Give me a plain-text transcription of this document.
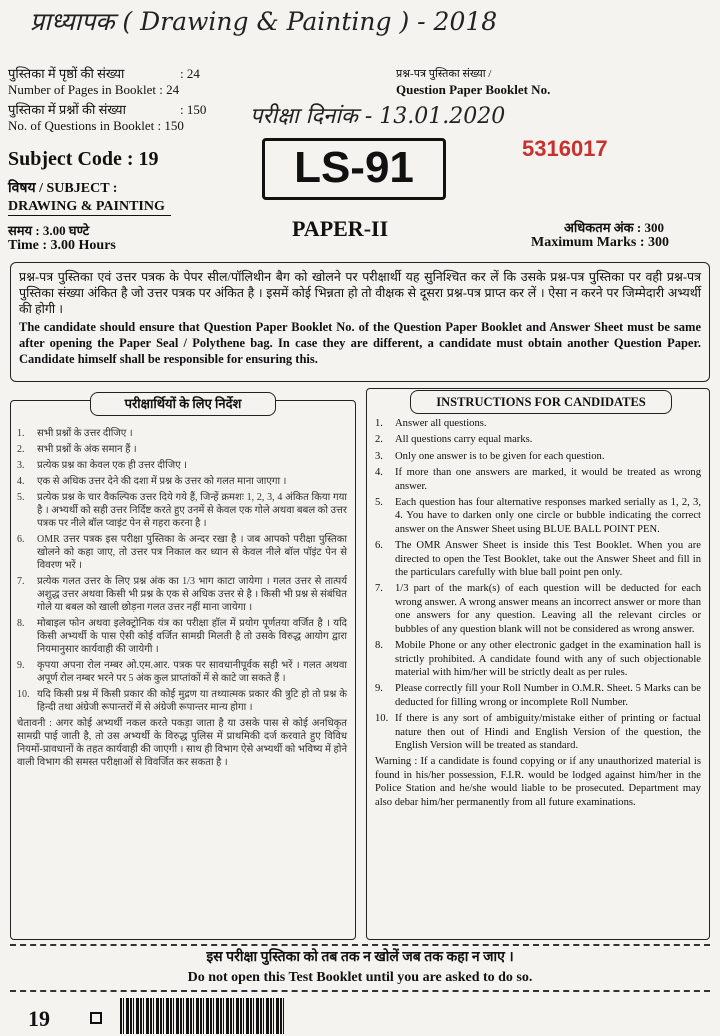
प्राध्यापक ( Drawing & Painting ) - 2018
पुस्तिका में पृष्ठों की संख्या	: 24
Number of Pages in Booklet : 24
पुस्तिका में प्रश्नों की संख्या	: 150
No. of Questions in Booklet : 150
प्रश्न-पत्र पुस्तिका संख्या /
Question Paper Booklet No.
परीक्षा दिनांक - 13.01.2020
Subject Code : 19
विषय / SUBJECT :
DRAWING & PAINTING
समय : 3.00 घण्टे
Time : 3.00 Hours
LS-91	5316017
PAPER-II	अधिकतम अंक : 300
Maximum Marks : 300
प्रश्न-पत्र पुस्तिका एवं उत्तर पत्रक के पेपर सील/पॉलिथीन बैग को खोलने पर परीक्षार्थी यह सुनिश्चित कर लें कि उसके प्रश्न-पत्र पुस्तिका पर वही प्रश्न-पत्र पुस्तिका संख्या अंकित है जो उत्तर पत्रक पर अंकित है । इसमें कोई भिन्नता हो तो वीक्षक से दूसरा प्रश्न-पत्र प्राप्त कर लें । ऐसा न करने पर जिम्मेदारी अभ्यर्थी की होगी ।
The candidate should ensure that Question Paper Booklet No. of the Question Paper Booklet and Answer Sheet must be same after opening the Paper Seal / Polythene bag. In case they are different, a candidate must obtain another Question Paper. Candidate himself shall be responsible for ensuring this.
1.	सभी प्रश्नों के उत्तर दीजिए ।
2.	सभी प्रश्नों के अंक समान हैं ।
3.	प्रत्येक प्रश्न का केवल एक ही उत्तर दीजिए ।
4.	एक से अधिक उत्तर देने की दशा में प्रश्न के उत्तर को गलत माना जाएगा ।
5.	प्रत्येक प्रश्न के चार वैकल्पिक उत्तर दिये गये हैं, जिन्हें क्रमशः 1, 2, 3, 4 अंकित किया गया है । अभ्यर्थी को सही उत्तर निर्दिष्ट करते हुए उनमें से केवल एक गोले अथवा बबल को उत्तर पत्रक पर नीले बॉल प्वाइंट पेन से गहरा करना है ।
6.	OMR उत्तर पत्रक इस परीक्षा पुस्तिका के अन्दर रखा है । जब आपको परीक्षा पुस्तिका खोलने को कहा जाए, तो उत्तर पत्र निकाल कर ध्यान से केवल नीले बॉल पॉइंट पेन से विवरण भरें ।
7.	प्रत्येक गलत उत्तर के लिए प्रश्न अंक का 1/3 भाग काटा जायेगा । गलत उत्तर से तात्पर्य अशुद्ध उत्तर अथवा किसी भी प्रश्न के एक से अधिक उत्तर से है । किसी भी प्रश्न से संबंधित गोले या बबल को खाली छोड़ना गलत उत्तर नहीं माना जायेगा ।
8.	मोबाइल फोन अथवा इलेक्ट्रोनिक यंत्र का परीक्षा हॉल में प्रयोग पूर्णतया वर्जित है । यदि किसी अभ्यर्थी के पास ऐसी कोई वर्जित सामग्री मिलती है तो उसके विरुद्ध आयोग द्वारा नियमानुसार कार्यवाही की जायेगी ।
9.	कृपया अपना रोल नम्बर ओ.एम.आर. पत्रक पर सावधानीपूर्वक सही भरें । गलत अथवा अपूर्ण रोल नम्बर भरने पर 5 अंक कुल प्राप्तांकों में से काटे जा सकते हैं ।
10. यदि किसी प्रश्न में किसी प्रकार की कोई मुद्रण या तथ्यात्मक प्रकार की त्रुटि हो तो प्रश्न के हिन्दी तथा अंग्रेजी रूपान्तरों में से अंग्रेजी रूपान्तर मान्य होगा ।
चेतावनी : अगर कोई अभ्यर्थी नकल करते पकड़ा जाता है या उसके पास से कोई अनधिकृत सामग्री पाई जाती है, तो उस अभ्यर्थी के विरुद्ध पुलिस में प्राथमिकी दर्ज करवाते हुए विविध नियमों-प्रावधानों के तहत कार्यवाही की जाएगी । साथ ही विभाग ऐसे अभ्यर्थी को भविष्य में होने वाली विभाग की समस्त परीक्षाओं से विवर्जित कर सकता है ।
परीक्षार्थियों के लिए निर्देश
1.	Answer all questions.
2.	All questions carry equal marks.
3.	Only one answer is to be given for each question.
4.	If more than one answers are marked, it would be treated as wrong answer.
5.	Each question has four alternative responses marked serially as 1, 2, 3, 4. You have to darken only one circle or bubble indicating the correct answer on the Answer Sheet using BLUE BALL POINT PEN.
6.	The OMR Answer Sheet is inside this Test Booklet. When you are directed to open the Test Booklet, take out the Answer Sheet and fill in the particulars carefully with blue ball point pen only.
7.	1/3 part of the mark(s) of each question will be deducted for each wrong answer. A wrong answer means an incorrect answer or more than one answers for any question. Leaving all the relevant circles or bubbles of any question blank will not be considered as wrong answer.
8.	Mobile Phone or any other electronic gadget in the examination hall is strictly prohibited. A candidate found with any of such objectionable material with him/her will be strictly dealt as per rules.
9.	Please correctly fill your Roll Number in O.M.R. Sheet. 5 Marks can be deducted for filling wrong or incomplete Roll Number.
10. If there is any sort of ambiguity/mistake either of printing or factual nature then out of Hindi and English Version of the question, the English Version will be treated as standard.
Warning : If a candidate is found copying or if any unauthorized material is found in his/her possession, F.I.R. would be lodged against him/her in the Police Station and he/she would liable to be prosecuted. Department may also debar him/her permanently from all future examinations.
INSTRUCTIONS FOR CANDIDATES
इस परीक्षा पुस्तिका को तब तक न खोलें जब तक कहा न जाए ।
Do not open this Test Booklet until you are asked to do so.
19
